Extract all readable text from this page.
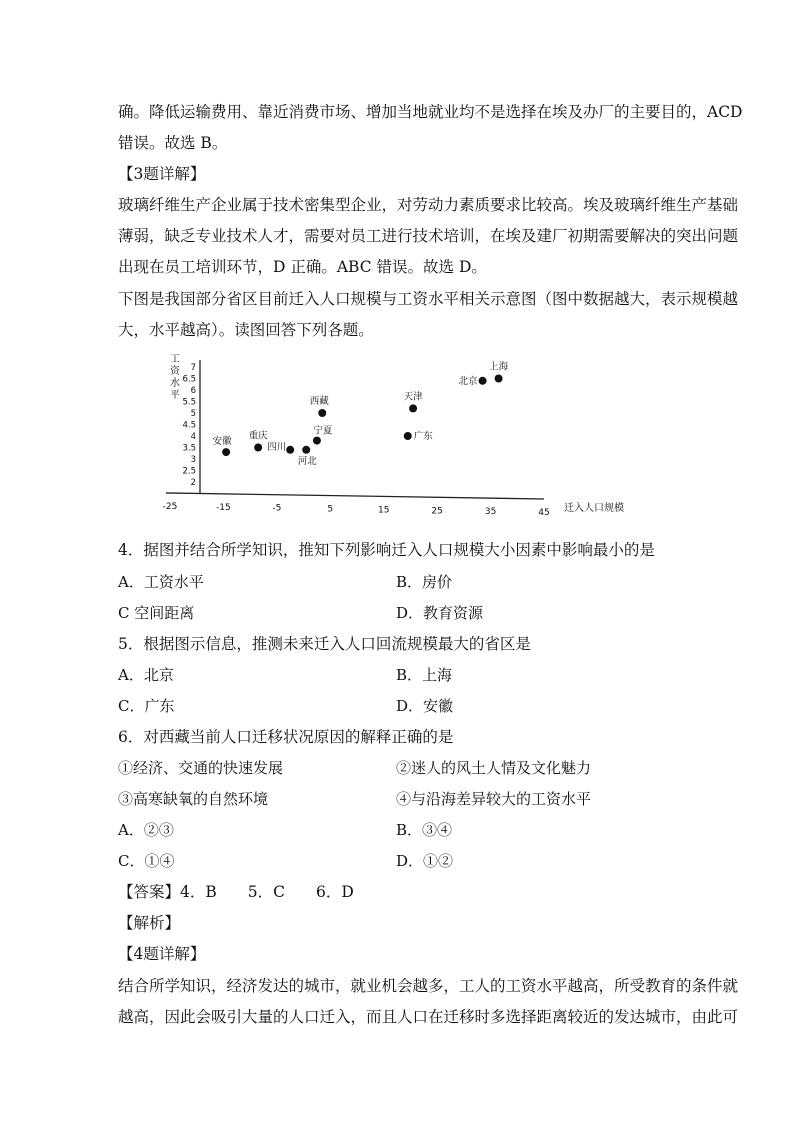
确。降低运输费用、靠近消费市场、增加当地就业均不是选择在埃及办厂的主要目的，ACD
错误。故选 B。
【3题详解】
玻璃纤维生产企业属于技术密集型企业，对劳动力素质要求比较高。埃及玻璃纤维生产基础
薄弱，缺乏专业技术人才，需要对员工进行技术培训，在埃及建厂初期需要解决的突出问题
出现在员工培训环节，D 正确。ABC 错误。故选 D。
下图是我国部分省区目前迁入人口规模与工资水平相关示意图（图中数据越大，表示规模越
大，水平越高）。读图回答下列各题。
2
2.5
3
3.5
4
4.5
5
5.5
6
6.5
7
-25	-15	-5	5	15	25	35	45
安徽
重庆
四川
河北
宁夏
西藏	天津
广东
北京
上海
工
迁入人口规模
资水平
4．据图并结合所学知识，推知下列影响迁入人口规模大小因素中影响最小的是
A．工资水平	B．房价
C 空间距离	D．教育资源
5．根据图示信息，推测未来迁入人口回流规模最大的省区是
A．北京	B．上海
C．广东	D．安徽
6．对西藏当前人口迁移状况原因的解释正确的是
①经济、交通的快速发展	②迷人的风土人情及文化魅力
③高寒缺氧的自然环境	④与沿海差异较大的工资水平
A．②③	B．③④
C．①④	D．①②
【答案】4．B　　5．C　　6．D
【解析】
【4题详解】
结合所学知识，经济发达的城市，就业机会越多，工人的工资水平越高，所受教育的条件就
越高，因此会吸引大量的人口迁入，而且人口在迁移时多选择距离较近的发达城市，由此可
